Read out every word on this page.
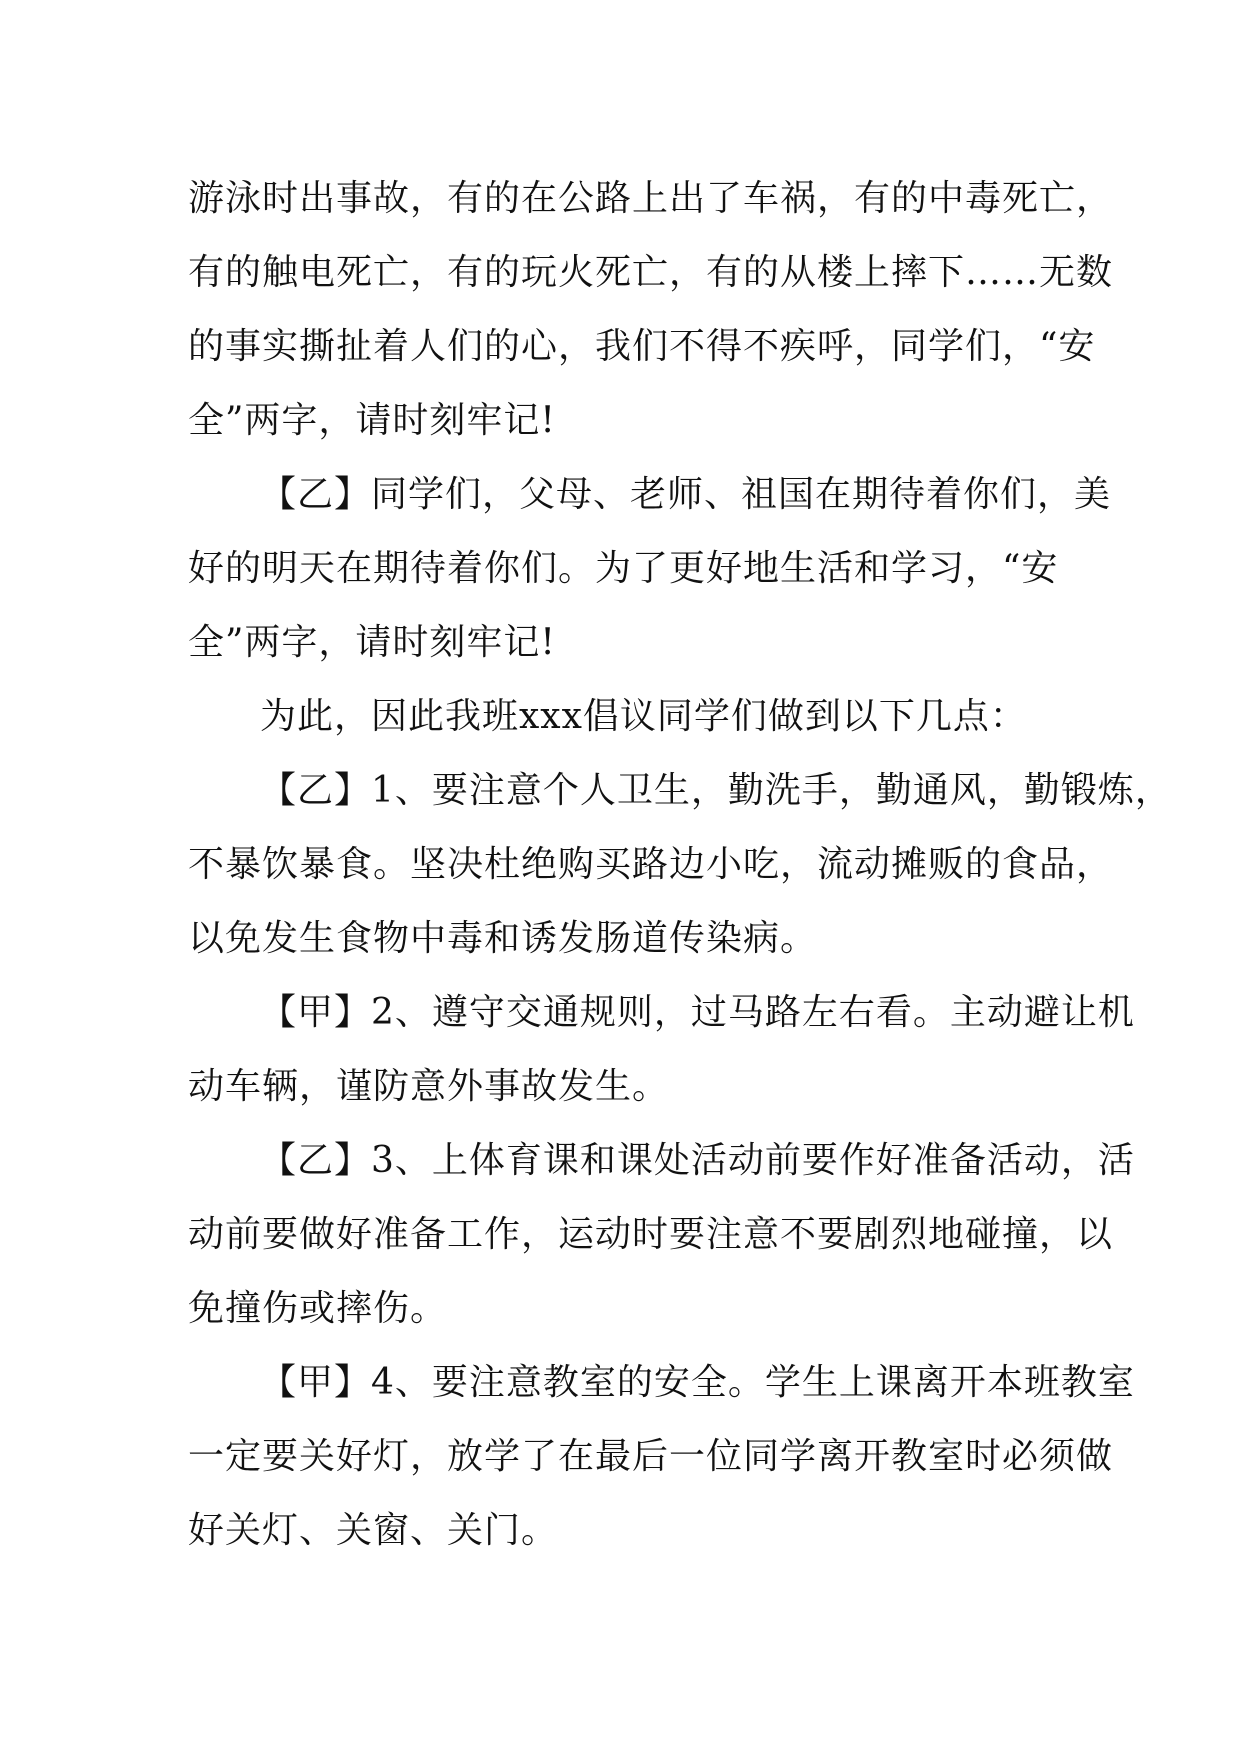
游泳时出事故，有的在公路上出了车祸，有的中毒死亡，
有的触电死亡，有的玩火死亡，有的从楼上摔下……无数
的事实撕扯着人们的心，我们不得不疾呼，同学们，“安
全”两字，请时刻牢记!
【乙】同学们，父母、老师、祖国在期待着你们，美
好的明天在期待着你们。为了更好地生活和学习，“安
全”两字，请时刻牢记!
为此，因此我班xxx倡议同学们做到以下几点：
【乙】1、要注意个人卫生，勤洗手，勤通风，勤锻炼，
不暴饮暴食。坚决杜绝购买路边小吃，流动摊贩的食品，
以免发生食物中毒和诱发肠道传染病。
【甲】2、遵守交通规则，过马路左右看。主动避让机
动车辆，谨防意外事故发生。
【乙】3、上体育课和课处活动前要作好准备活动，活
动前要做好准备工作，运动时要注意不要剧烈地碰撞，以
免撞伤或摔伤。
【甲】4、要注意教室的安全。学生上课离开本班教室
一定要关好灯，放学了在最后一位同学离开教室时必须做
好关灯、关窗、关门。
